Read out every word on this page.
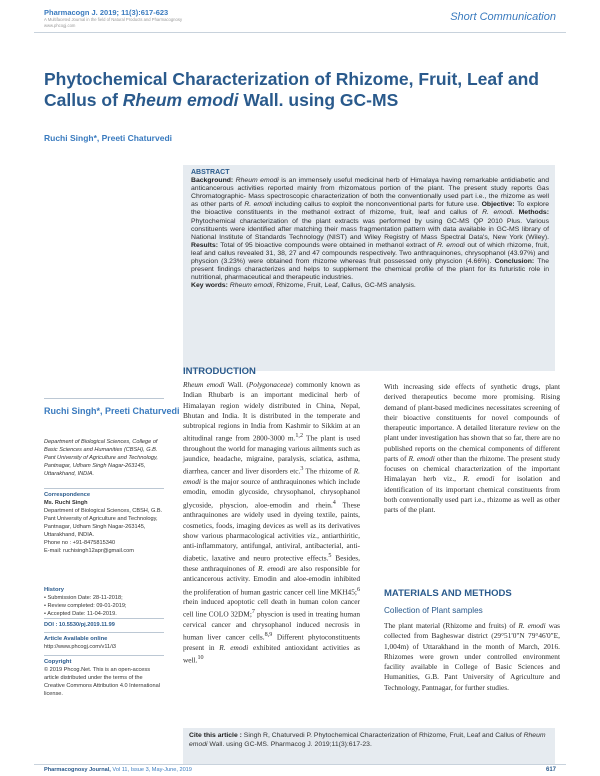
Pharmacogn J. 2019; 11(3):617-623
A Multifaceted Journal in the field of Natural Products and Pharmacognosy
www.phcogj.com
Short Communication
Phytochemical Characterization of Rhizome, Fruit, Leaf and Callus of Rheum emodi Wall. using GC-MS
Ruchi Singh*, Preeti Chaturvedi
ABSTRACT
Background: Rheum emodi is an immensely useful medicinal herb of Himalaya having remarkable antidiabetic and anticancerous activities reported mainly from rhizomatous portion of the plant. The present study reports Gas Chromatographic- Mass spectroscopic characterization of both the conventionally used part i.e., the rhizome as well as other parts of R. emodi including callus to exploit the nonconventional parts for future use. Objective: To explore the bioactive constituents in the methanol extract of rhizome, fruit, leaf and callus of R. emodi. Methods: Phytochemical characterization of the plant extracts was performed by using GC-MS QP 2010 Plus. Various constituents were identified after matching their mass fragmentation pattern with data available in GC-MS library of National Institute of Standards Technology (NIST) and Wiley Registry of Mass Spectral Data's, New York (Wiley). Results: Total of 95 bioactive compounds were obtained in methanol extract of R. emodi out of which rhizome, fruit, leaf and callus revealed 31, 38, 27 and 47 compounds respectively. Two anthraquinones, chrysophanol (43.97%) and physcion (3.23%) were obtained from rhizome whereas fruit possessed only physcion (4.66%). Conclusion: The present findings characterizes and helps to supplement the chemical profile of the plant for its futuristic role in nutritional, pharmaceutical and therapeutic industries.
Key words: Rheum emodi, Rhizome, Fruit, Leaf, Callus, GC-MS analysis.
INTRODUCTION
Rheum emodi Wall. (Polygonaceae) commonly known as Indian Rhubarb is an important medicinal herb of Himalayan region widely distributed in China, Nepal, Bhutan and India. It is distributed in the temperate and subtropical regions in India from Kashmir to Sikkim at an altitudinal range from 2800-3000 m.$^{1,2}$ The plant is used throughout the world for managing various ailments such as jaundice, headache, migraine, paralysis, sciatica, asthma, diarrhea, cancer and liver disorders etc.$^3$ The rhizome of R. emodi is the major source of anthraquinones which include emodin, emodin glycoside, chrysophanol, chrysophanol glycoside, physcion, aloe-emodin and rhein.$^4$ These anthraquinones are widely used in dyeing textile, paints, cosmetics, foods, imaging devices as well as its derivatives show various pharmacological activities viz., antiarthiritic, anti-inflammatory, antifungal, antiviral, antibacterial, anti-diabetic, laxative and neuro protective effects.$^5$ Besides, these anthraquinones of R. emodi are also responsible for anticancerous activity. Emodin and aloe-emodin inhibited the proliferation of human gastric cancer cell line MKH45;$^6$ rhein induced apoptotic cell death in human colon cancer cell line COLO 32DM;$^7$ physcion is used in treating human cervical cancer and chrysophanol induced necrosis in human liver cancer cells.$^{8,9}$ Different phytoconstituents present in R. emodi exhibited antioxidant activities as well.$^{10}$
With increasing side effects of synthetic drugs, plant derived therapeutics become more promising. Rising demand of plant-based medicines necessitates screening of their bioactive constituents for novel compounds of therapeutic importance. A detailed literature review on the plant under investigation has shown that so far, there are no published reports on the chemical components of different parts of R. emodi other than the rhizome. The present study focuses on chemical characterization of the important Himalayan herb viz., R. emodi for isolation and identification of its important chemical constituents from both conventionally used part i.e., rhizome as well as other parts of the plant.
MATERIALS AND METHODS
Collection of Plant samples
The plant material (Rhizome and fruits) of R. emodi was collected from Bagheswar district (29°51'0"N 79°46'0"E, 1,004m) of Uttarakhand in the month of March, 2016. Rhizomes were grown under controlled environment facility available in College of Basic Sciences and Humanities, G.B. Pant University of Agriculture and Technology, Pantnagar, for further studies.
Ruchi Singh*, Preeti Chaturvedi
Department of Biological Sciences, College of Basic Sciences and Humanities (CBSH), G.B. Pant University of Agriculture and Technology, Pantnagar, Udham Singh Nagar-263145, Uttarakhand, INDIA.
Correspondence
Ms. Ruchi Singh
Department of Biological Sciences, CBSH, G.B. Pant University of Agriculture and Technology, Pantnagar, Udham Singh Nagar-263145, Uttarakhand, INDIA.
Phone no : +91-8475815340
E-mail: ruchisingh12apr@gmail.com
History
• Submission Date: 28-11-2018;
• Review completed: 09-01-2019;
• Accepted Date: 11-04-2019.
DOI : 10.5530/pj.2019.11.99
Article Available online
http://www.phcogj.com/v11/i3
Copyright
© 2019 Phcog.Net. This is an open-access article distributed under the terms of the Creative Commons Attribution 4.0 International license.
Cite this article : Singh R, Chaturvedi P. Phytochemical Characterization of Rhizome, Fruit, Leaf and Callus of Rheum emodi Wall. using GC-MS. Pharmacog J. 2019;11(3):617-23.
Pharmacognosy Journal, Vol 11, Issue 3, May-June, 2019	617
